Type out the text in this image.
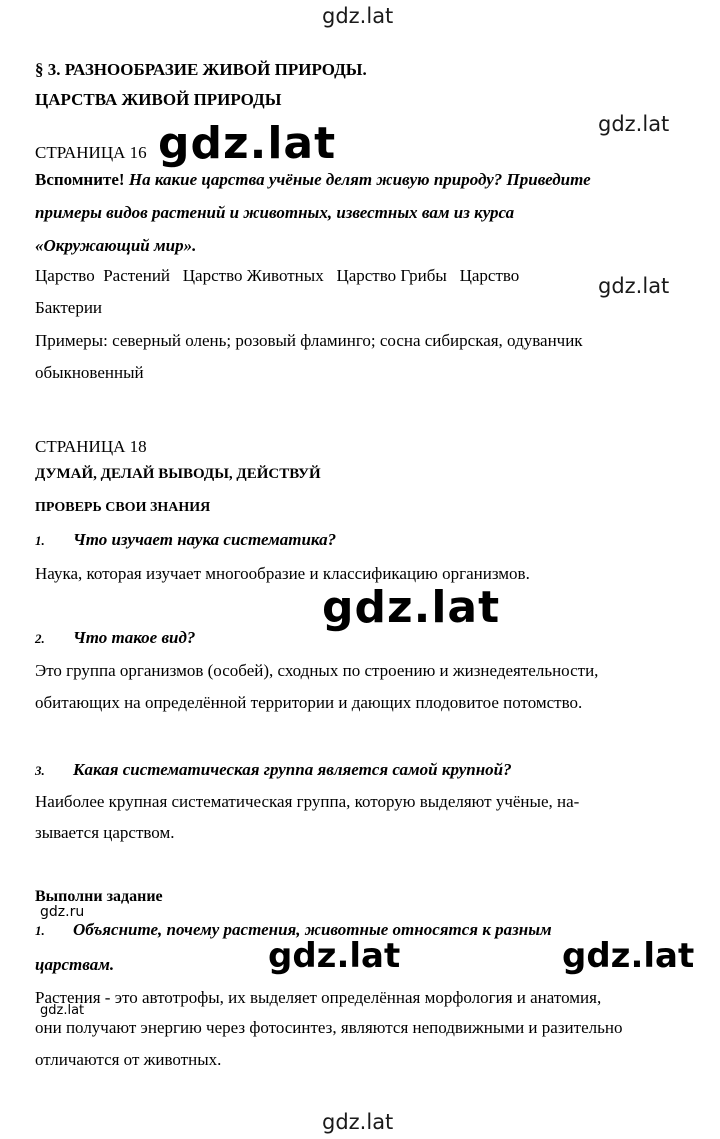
gdz.lat
gdz.lat
gdz.lat
§ 3. РАЗНООБРАЗИЕ ЖИВОЙ ПРИРОДЫ.
ЦАРСТВА ЖИВОЙ ПРИРОДЫ
СТРАНИЦА 16 gdz.lat
Вспомните! На какие царства учёные делят живую природу? Приведите
примеры видов растений и животных, известных вам из курса
«Окружающий мир».
Царство  Растений   Царство Животных   Царство Грибы   Царство
Бактерии
Примеры: северный олень; розовый фламинго; сосна сибирская, одуванчик
обыкновенный
СТРАНИЦА 18
ДУМАЙ, ДЕЛАЙ ВЫВОДЫ, ДЕЙСТВУЙ
ПРОВЕРЬ СВОИ ЗНАНИЯ
1. Что изучает наука систематика?
Наука, которая изучает многообразие и классификацию организмов.
gdz.lat
2. Что такое вид?
Это группа организмов (особей), сходных по строению и жизнедеятельности,
обитающих на определённой территории и дающих плодовитое потомство.
3. Какая систематическая группа является самой крупной?
Наиболее крупная систематическая группа, которую выделяют учёные, на-
зывается царством.
Выполни задание
gdz.ru
1. Объясните, почему растения, животные относятся к разным
царствам.	gdz.lat	gdz.lat
Растения - это автотрофы, их выделяет определённая морфология и анатомия,
gdz.lat
они получают энергию через фотосинтез, являются неподвижными и разительно
отличаются от животных.
gdz.lat
